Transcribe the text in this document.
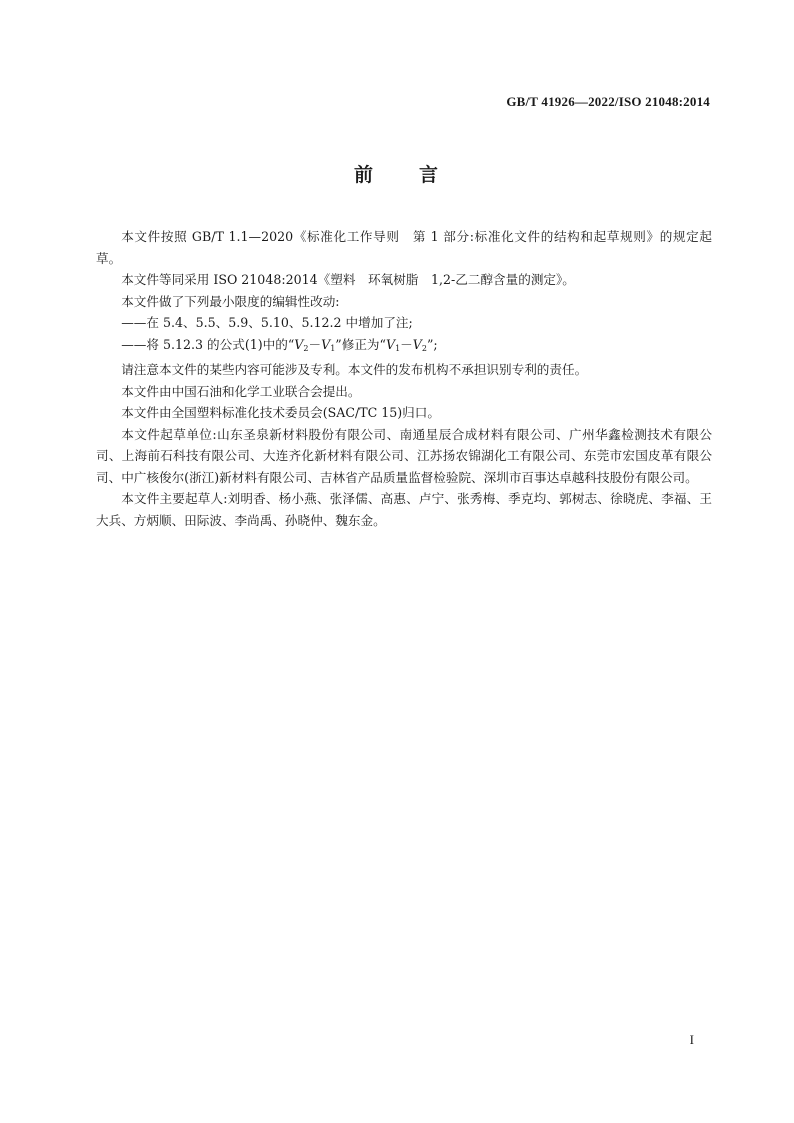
GB/T 41926—2022/ISO 21048:2014
前 言

本文件按照 GB/T 1.1—2020《标准化工作导则　第 1 部分:标准化文件的结构和起草规则》的规定起草。

本文件等同采用 ISO 21048:2014《塑料　环氧树脂　1,2-乙二醇含量的测定》。

本文件做了下列最小限度的编辑性改动:

——在 5.4、5.5、5.9、5.10、5.12.2 中增加了注;

——将 5.12.3 的公式(1)中的“$V_2-V_1$”修正为“$V_1-V_2$”;

请注意本文件的某些内容可能涉及专利。本文件的发布机构不承担识别专利的责任。

本文件由中国石油和化学工业联合会提出。

本文件由全国塑料标准化技术委员会(SAC/TC 15)归口。

本文件起草单位:山东圣泉新材料股份有限公司、南通星辰合成材料有限公司、广州华鑫检测技术有限公司、上海前石科技有限公司、大连齐化新材料有限公司、江苏扬农锦湖化工有限公司、东莞市宏国皮革有限公司、中广核俊尔(浙江)新材料有限公司、吉林省产品质量监督检验院、深圳市百事达卓越科技股份有限公司。

本文件主要起草人:刘明香、杨小燕、张泽儒、高惠、卢宁、张秀梅、季克均、郭树志、徐晓虎、李福、王大兵、方炳顺、田际波、李尚禹、孙晓仲、魏东金。

I
